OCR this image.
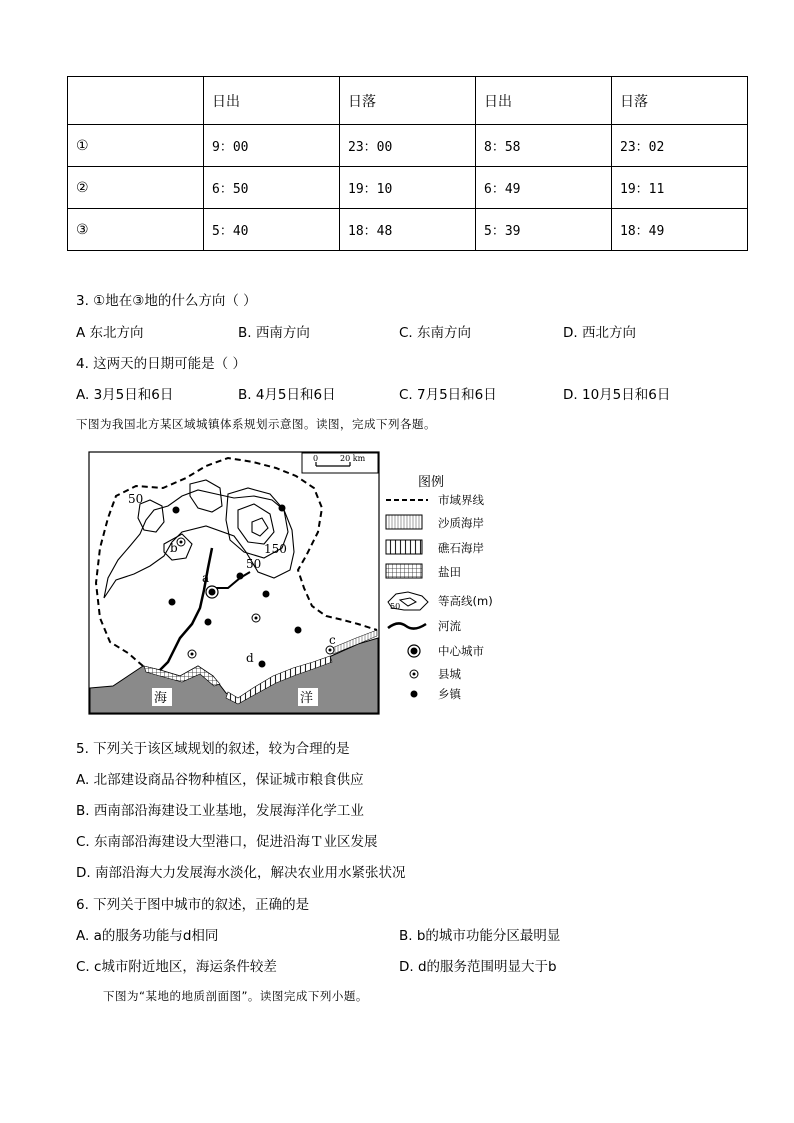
	日出	日落	日出	日落
①	9：00	23：00	8：58	23：02
②	6：50	19：10	6：49	19：11
③	5：40	18：48	5：39	18：49
3. ①地在③地的什么方向（ ）
A 东北方向	B. 西南方向	C. 东南方向	D. 西北方向
4. 这两天的日期可能是（ ）
A. 3月5日和6日	B. 4月5日和6日	C. 7月5日和6日	D. 10月5日和6日
下图为我国北方某区域城镇体系规划示意图。读图，完成下列各题。
50
150
50
a
b
c
d
海	洋
0	20 km
图例
市域界线
沙质海岸
礁石海岸
盐田
50	等高线(m)
河流
中心城市
县城
乡镇
5. 下列关于该区域规划的叙述，较为合理的是
A. 北部建设商品谷物种植区，保证城市粮食供应
B. 西南部沿海建设工业基地，发展海洋化学工业
C. 东南部沿海建设大型港口，促进沿海Ｔ业区发展
D. 南部沿海大力发展海水淡化，解决农业用水紧张状况
6. 下列关于图中城市的叙述，正确的是
A. a的服务功能与d相同	B. b的城市功能分区最明显
C. c城市附近地区，海运条件较差	D. d的服务范围明显大于b
下图为“某地的地质剖面图”。读图完成下列小题。
